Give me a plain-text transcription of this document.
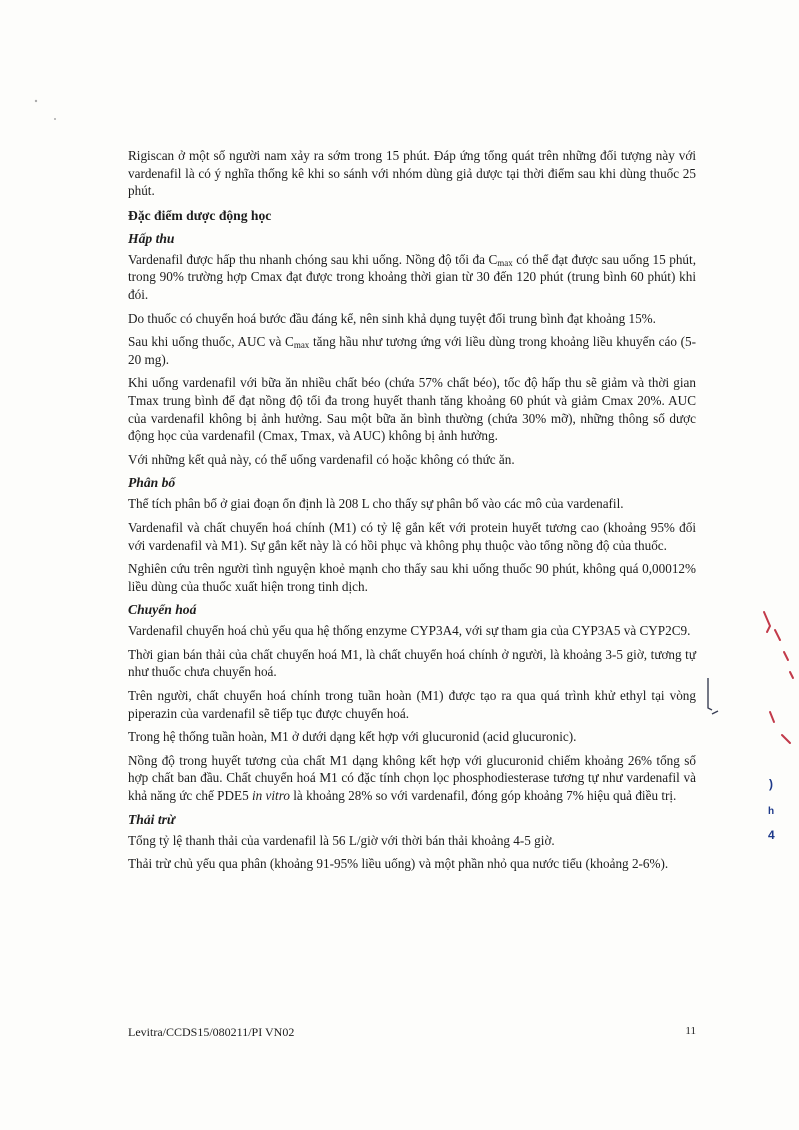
Rigiscan ở một số người nam xảy ra sớm trong 15 phút. Đáp ứng tổng quát trên những đối tượng này với vardenafil là có ý nghĩa thống kê khi so sánh với nhóm dùng giả dược tại thời điểm sau khi dùng thuốc 25 phút.

Đặc điểm dược động học
Hấp thu

Vardenafil được hấp thu nhanh chóng sau khi uống. Nồng độ tối đa $C_{max}$ có thể đạt được sau uống 15 phút, trong 90% trường hợp Cmax đạt được trong khoảng thời gian từ 30 đến 120 phút (trung bình 60 phút) khi đói.

Do thuốc có chuyển hoá bước đầu đáng kể, nên sinh khả dụng tuyệt đối trung bình đạt khoảng 15%.

Sau khi uống thuốc, AUC và $C_{max}$ tăng hầu như tương ứng với liều dùng trong khoảng liều khuyến cáo (5-20 mg).

Khi uống vardenafil với bữa ăn nhiều chất béo (chứa 57% chất béo), tốc độ hấp thu sẽ giảm và thời gian Tmax trung bình để đạt nồng độ tối đa trong huyết thanh tăng khoảng 60 phút và giảm Cmax 20%. AUC của vardenafil không bị ảnh hưởng. Sau một bữa ăn bình thường (chứa 30% mỡ), những thông số dược động học của vardenafil (Cmax, Tmax, và AUC) không bị ảnh hưởng.

Với những kết quả này, có thể uống vardenafil có hoặc không có thức ăn.

Phân bố

Thể tích phân bố ở giai đoạn ổn định là 208 L cho thấy sự phân bố vào các mô của vardenafil.

Vardenafil và chất chuyển hoá chính (M1) có tỷ lệ gắn kết với protein huyết tương cao (khoảng 95% đối với vardenafil và M1). Sự gắn kết này là có hồi phục và không phụ thuộc vào tổng nồng độ của thuốc.

Nghiên cứu trên người tình nguyện khoẻ mạnh cho thấy sau khi uống thuốc 90 phút, không quá 0,00012% liều dùng của thuốc xuất hiện trong tinh dịch.

Chuyển hoá

Vardenafil chuyển hoá chủ yếu qua hệ thống enzyme CYP3A4, với sự tham gia của CYP3A5 và CYP2C9.

Thời gian bán thải của chất chuyển hoá M1, là chất chuyển hoá chính ở người, là khoảng 3-5 giờ, tương tự như thuốc chưa chuyển hoá.

Trên người, chất chuyển hoá chính trong tuần hoàn (M1) được tạo ra qua quá trình khử ethyl tại vòng piperazin của vardenafil sẽ tiếp tục được chuyển hoá.

Trong hệ thống tuần hoàn, M1 ở dưới dạng kết hợp với glucuronid (acid glucuronic).

Nồng độ trong huyết tương của chất M1 dạng không kết hợp với glucuronid chiếm khoảng 26% tổng số hợp chất ban đầu. Chất chuyển hoá M1 có đặc tính chọn lọc phosphodiesterase tương tự như vardenafil và khả năng ức chế PDE5 in vitro là khoảng 28% so với vardenafil, đóng góp khoảng 7% hiệu quả điều trị.

Thải trừ

Tổng tỷ lệ thanh thải của vardenafil là 56 L/giờ với thời bán thải khoảng 4-5 giờ.

Thải trừ chủ yếu qua phân (khoảng 91-95% liều uống) và một phần nhỏ qua nước tiểu (khoảng 2-6%).

Levitra/CCDS15/080211/PI VN02	11
)
h
4
